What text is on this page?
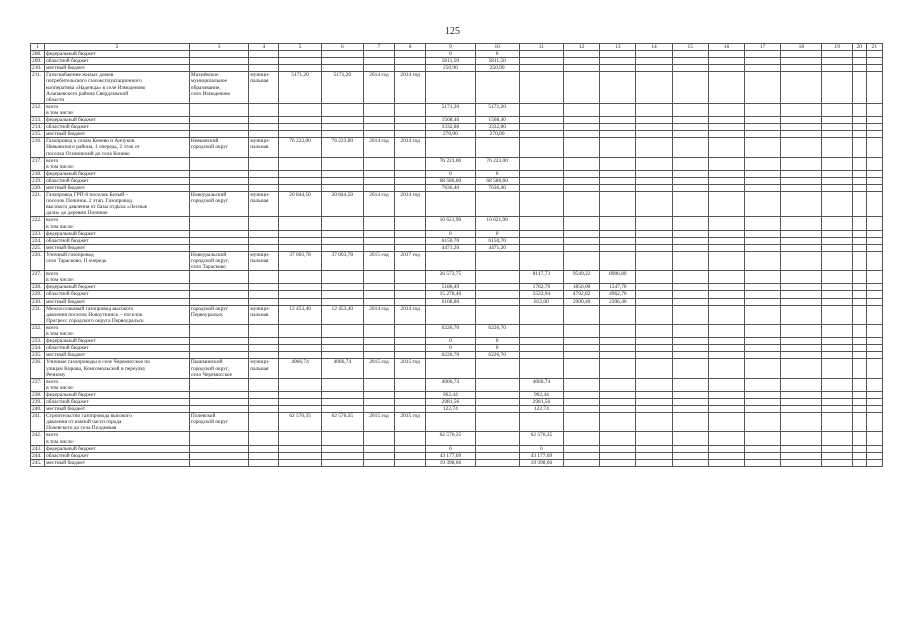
125
1	2	3	4	5	6	7	8	9	10	11	12	13	14	15	16	17	18	19	20	21
208.	федеральный бюджет							0	0											
209.	областной бюджет							5811,50	5811,50											
210.	местный бюджет							250,90	250,90											
211.	Газоснабжение жилых домов
потребительского газоэксплуатационного
кооператива «Надежда» в селе Измоденово
Алапаевского района Свердловской
области	Махнёвское
муниципальное
образование,
село Измоденово	муници-
пальная	5171,20	5171,20	2014 год	2014 год													
212.	всего
в том числе:							5171,20	5171,20											
213.	федеральный бюджет							1568,40	1568,40											
214.	областной бюджет							3332,80	3332,80											
215.	местный бюджет							270,00	270,00											
216.	Газопровод к селам Конево и Анчуков
Невьянского района, 1 очередь, 2 этап от
поселка Осиновский до села Конево	Невьянский
городской округ	муници-
пальная	76 223,00	76 223,00	2014 год	2014 год													
217.	всего
в том числе:							76 223,00	76 223,00											
218.	федеральный бюджет							0	0											
219.	областной бюджет							68 586,60	68 586,60											
220.	местный бюджет							7636,40	7636,40											
221.	Газопровод ГРП-6 поселок Белый –
поселок Починок. 2 этап. Газопровод
высокого давления от базы отдыха «Лесные
дали» до деревни Починок	Новоуральский
городской округ	муници-
пальная	20 844,50	20 844,50	2014 год	2014 год													
222.	всего
в том числе:							10 621,90	10 621,90											
223.	федеральный бюджет							0	0											
224.	областной бюджет							6150,70	6150,70											
225.	местный бюджет							4471,20	4471,20											
226.	Уличный газопровод
село Тарасково, II очередь	Новоуральский
городской округ,
село Тарасково	муници-
пальная	37 003,78	37 003,78	2015 год	2017 год													
227.	всего
в том числе:							26 573,75		8117,73	9549,22	8906,80								
228.	федеральный бюджет							5186,49		1782,79	1856,00	1547,70								
229.	областной бюджет							15 278,46		5522,94	4792,82	4962,70								
230.	местный бюджет							6108,80		812,00	2900,40	2396,40								
231.	Межпоселковый газопровод высокого
давления поселок Новоуткинск – поселок
Прогресс городского округа Первоуральск	городской округ
Первоуральск	муници-
пальная	12 453,40	12 453,40	2014 год	2014 год													
232.	всего
в том числе:							6226,70	6226,70											
233.	федеральный бюджет							0	0											
234.	областной бюджет							0	0											
235.	местный бюджет							6226,70	6226,70											
236.	Уличные газопроводы в селе Черемисское по
улицам Кирова, Комсомольской и переулку
Речному	Пышминский
городской округ,
село Черемисское	муници-
пальная	4066,74	4066,74	2015 год	2015 год													
237.	всего
в том числе:							4066,74		4066,74										
238.	федеральный бюджет							962,44		962,44										
239.	областной бюджет							2981,56		2981,56										
240.	местный бюджет							122,74		122,74										
241.	Строительство газопровода высокого
давления от южной части города
Полевского до села Полдневая	Полевской
городской округ		62 576,35	62 576,35	2015 год	2015 год													
242.	всего
в том числе:							62 576,35		62 576,35										
243.	федеральный бюджет							0		0										
244.	областной бюджет							43 177,69		43 177,69										
245.	местный бюджет							19 398,66		19 398,66										
